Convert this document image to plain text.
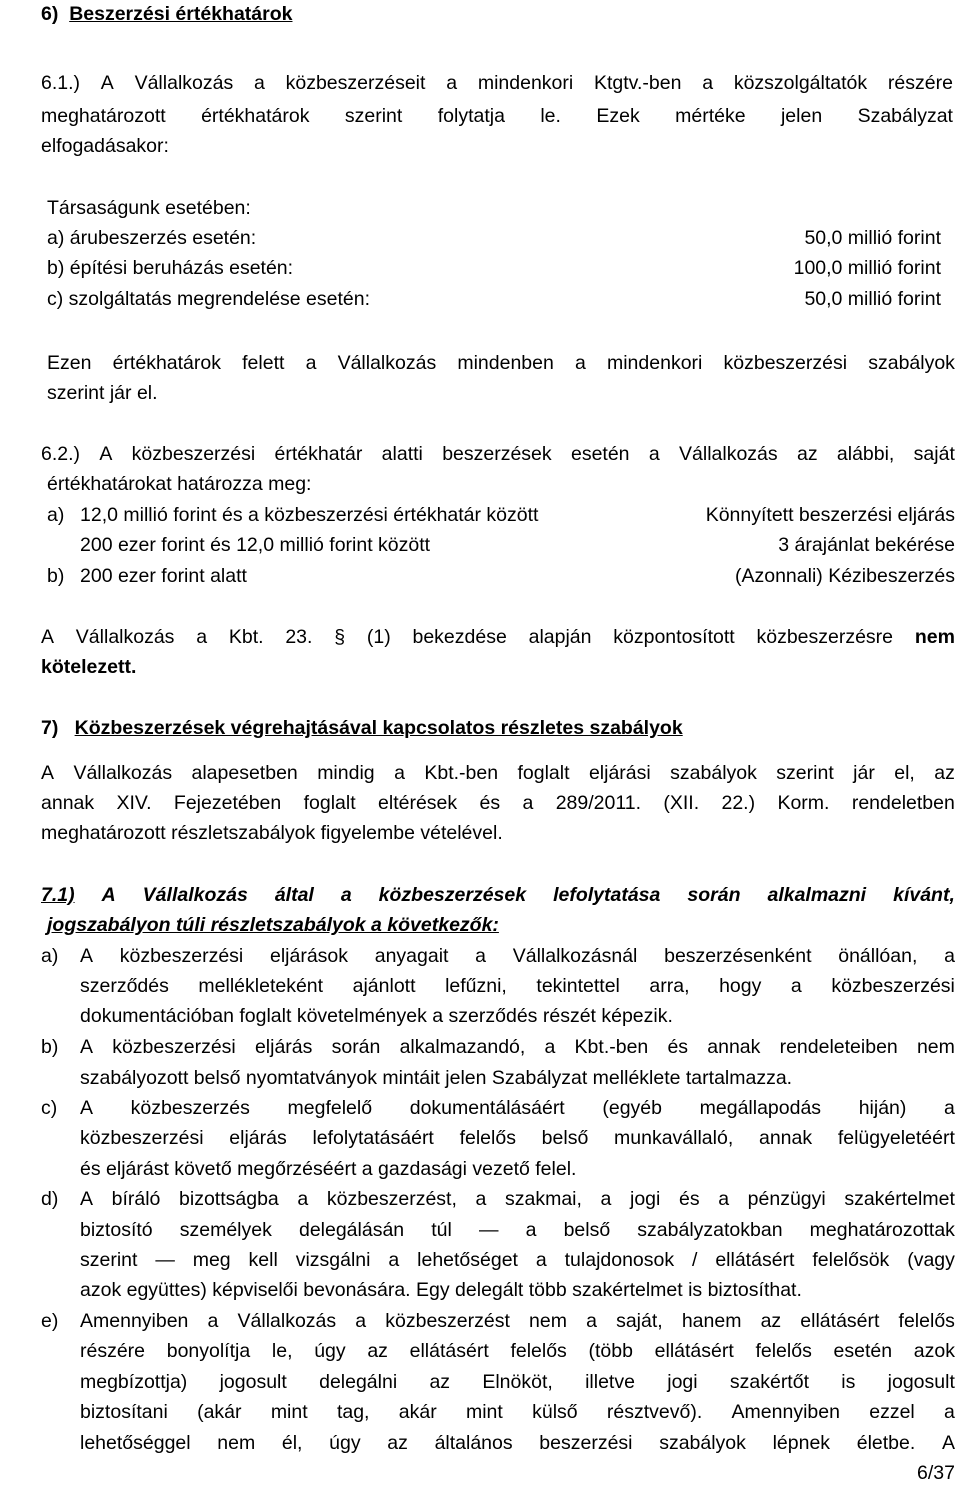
6) Beszerzési értékhatárok
6.1.) A Vállalkozás a közbeszerzéseit a mindenkori Ktgtv.-ben a közszolgáltatók részére
meghatározott értékhatárok szerint folytatja le. Ezek mértéke jelen Szabályzat
elfogadásakor:
Társaságunk esetében:
a) árubeszerzés esetén:	50,0 millió forint
b) építési beruházás esetén:	100,0 millió forint
c) szolgáltatás megrendelése esetén:	50,0 millió forint
Ezen értékhatárok felett a Vállalkozás mindenben a mindenkori közbeszerzési szabályok
szerint jár el.
6.2.) A közbeszerzési értékhatár alatti beszerzések esetén a Vállalkozás az alábbi, saját
értékhatárokat határozza meg:
a) 12,0 millió forint és a közbeszerzési értékhatár között	Könnyített beszerzési eljárás
200 ezer forint és 12,0 millió forint között	3 árajánlat bekérése
b) 200 ezer forint alatt	(Azonnali) Kézibeszerzés
A Vállalkozás a Kbt. 23. § (1) bekezdése alapján központosított közbeszerzésre nem
kötelezett.
7) Közbeszerzések végrehajtásával kapcsolatos részletes szabályok
A Vállalkozás alapesetben mindig a Kbt.-ben foglalt eljárási szabályok szerint jár el, az
annak XIV. Fejezetében foglalt eltérések és a 289/2011. (XII. 22.) Korm. rendeletben
meghatározott részletszabályok figyelembe vételével.
7.1) A Vállalkozás által a közbeszerzések lefolytatása során alkalmazni kívánt,
jogszabályon túli részletszabályok a következők:
a) A közbeszerzési eljárások anyagait a Vállalkozásnál beszerzésenként önállóan, a
szerződés mellékleteként ajánlott lefűzni, tekintettel arra, hogy a közbeszerzési
dokumentációban foglalt követelmények a szerződés részét képezik.
b) A közbeszerzési eljárás során alkalmazandó, a Kbt.-ben és annak rendeleteiben nem
szabályozott belső nyomtatványok mintáit jelen Szabályzat melléklete tartalmazza.
c) A közbeszerzés megfelelő dokumentálásáért (egyéb megállapodás hiján) a
közbeszerzési eljárás lefolytatásáért felelős belső munkavállaló, annak felügyeletéért
és eljárást követő megőrzéséért a gazdasági vezető felel.
d) A bíráló bizottságba a közbeszerzést, a szakmai, a jogi és a pénzügyi szakértelmet
biztosító személyek delegálásán túl — a belső szabályzatokban meghatározottak
szerint — meg kell vizsgálni a lehetőséget a tulajdonosok / ellátásért felelősök (vagy
azok együttes) képviselői bevonására. Egy delegált több szakértelmet is biztosíthat.
e) Amennyiben a Vállalkozás a közbeszerzést nem a saját, hanem az ellátásért felelős
részére bonyolítja le, úgy az ellátásért felelős (több ellátásért felelős esetén azok
megbízottja) jogosult delegálni az Elnököt, illetve jogi szakértőt is jogosult
biztosítani (akár mint tag, akár mint külső résztvevő). Amennyiben ezzel a
lehetőséggel nem él, úgy az általános beszerzési szabályok lépnek életbe. A
6/37
